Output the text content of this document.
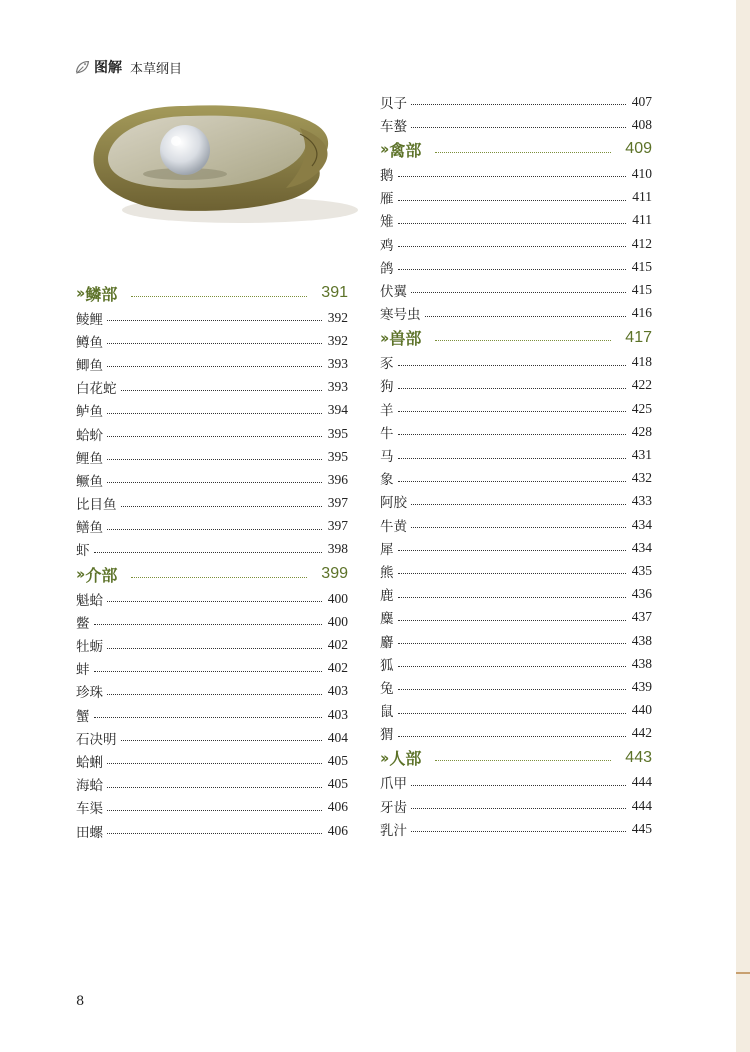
图解 本草纲目
›› 鳞部	391
鲮鲤	392
鳟鱼	392
鲫鱼	393
白花蛇	393
鲈鱼	394
蛤蚧	395
鲤鱼	395
鳜鱼	396
比目鱼	397
鳝鱼	397
虾	398
›› 介部	399
魁蛤	400
鳖	400
牡蛎	402
蚌	402
珍珠	403
蟹	403
石决明	404
蛤蜊	405
海蛤	405
车渠	406
田螺	406
贝子	407
车螯	408
›› 禽部	409
鹅	410
雁	411
雉	411
鸡	412
鸽	415
伏翼	415
寒号虫	416
›› 兽部	417
豕	418
狗	422
羊	425
牛	428
马	431
象	432
阿胶	433
牛黄	434
犀	434
熊	435
鹿	436
麋	437
麝	438
狐	438
兔	439
鼠	440
猬	442
›› 人部	443
爪甲	444
牙齿	444
乳汁	445
8
